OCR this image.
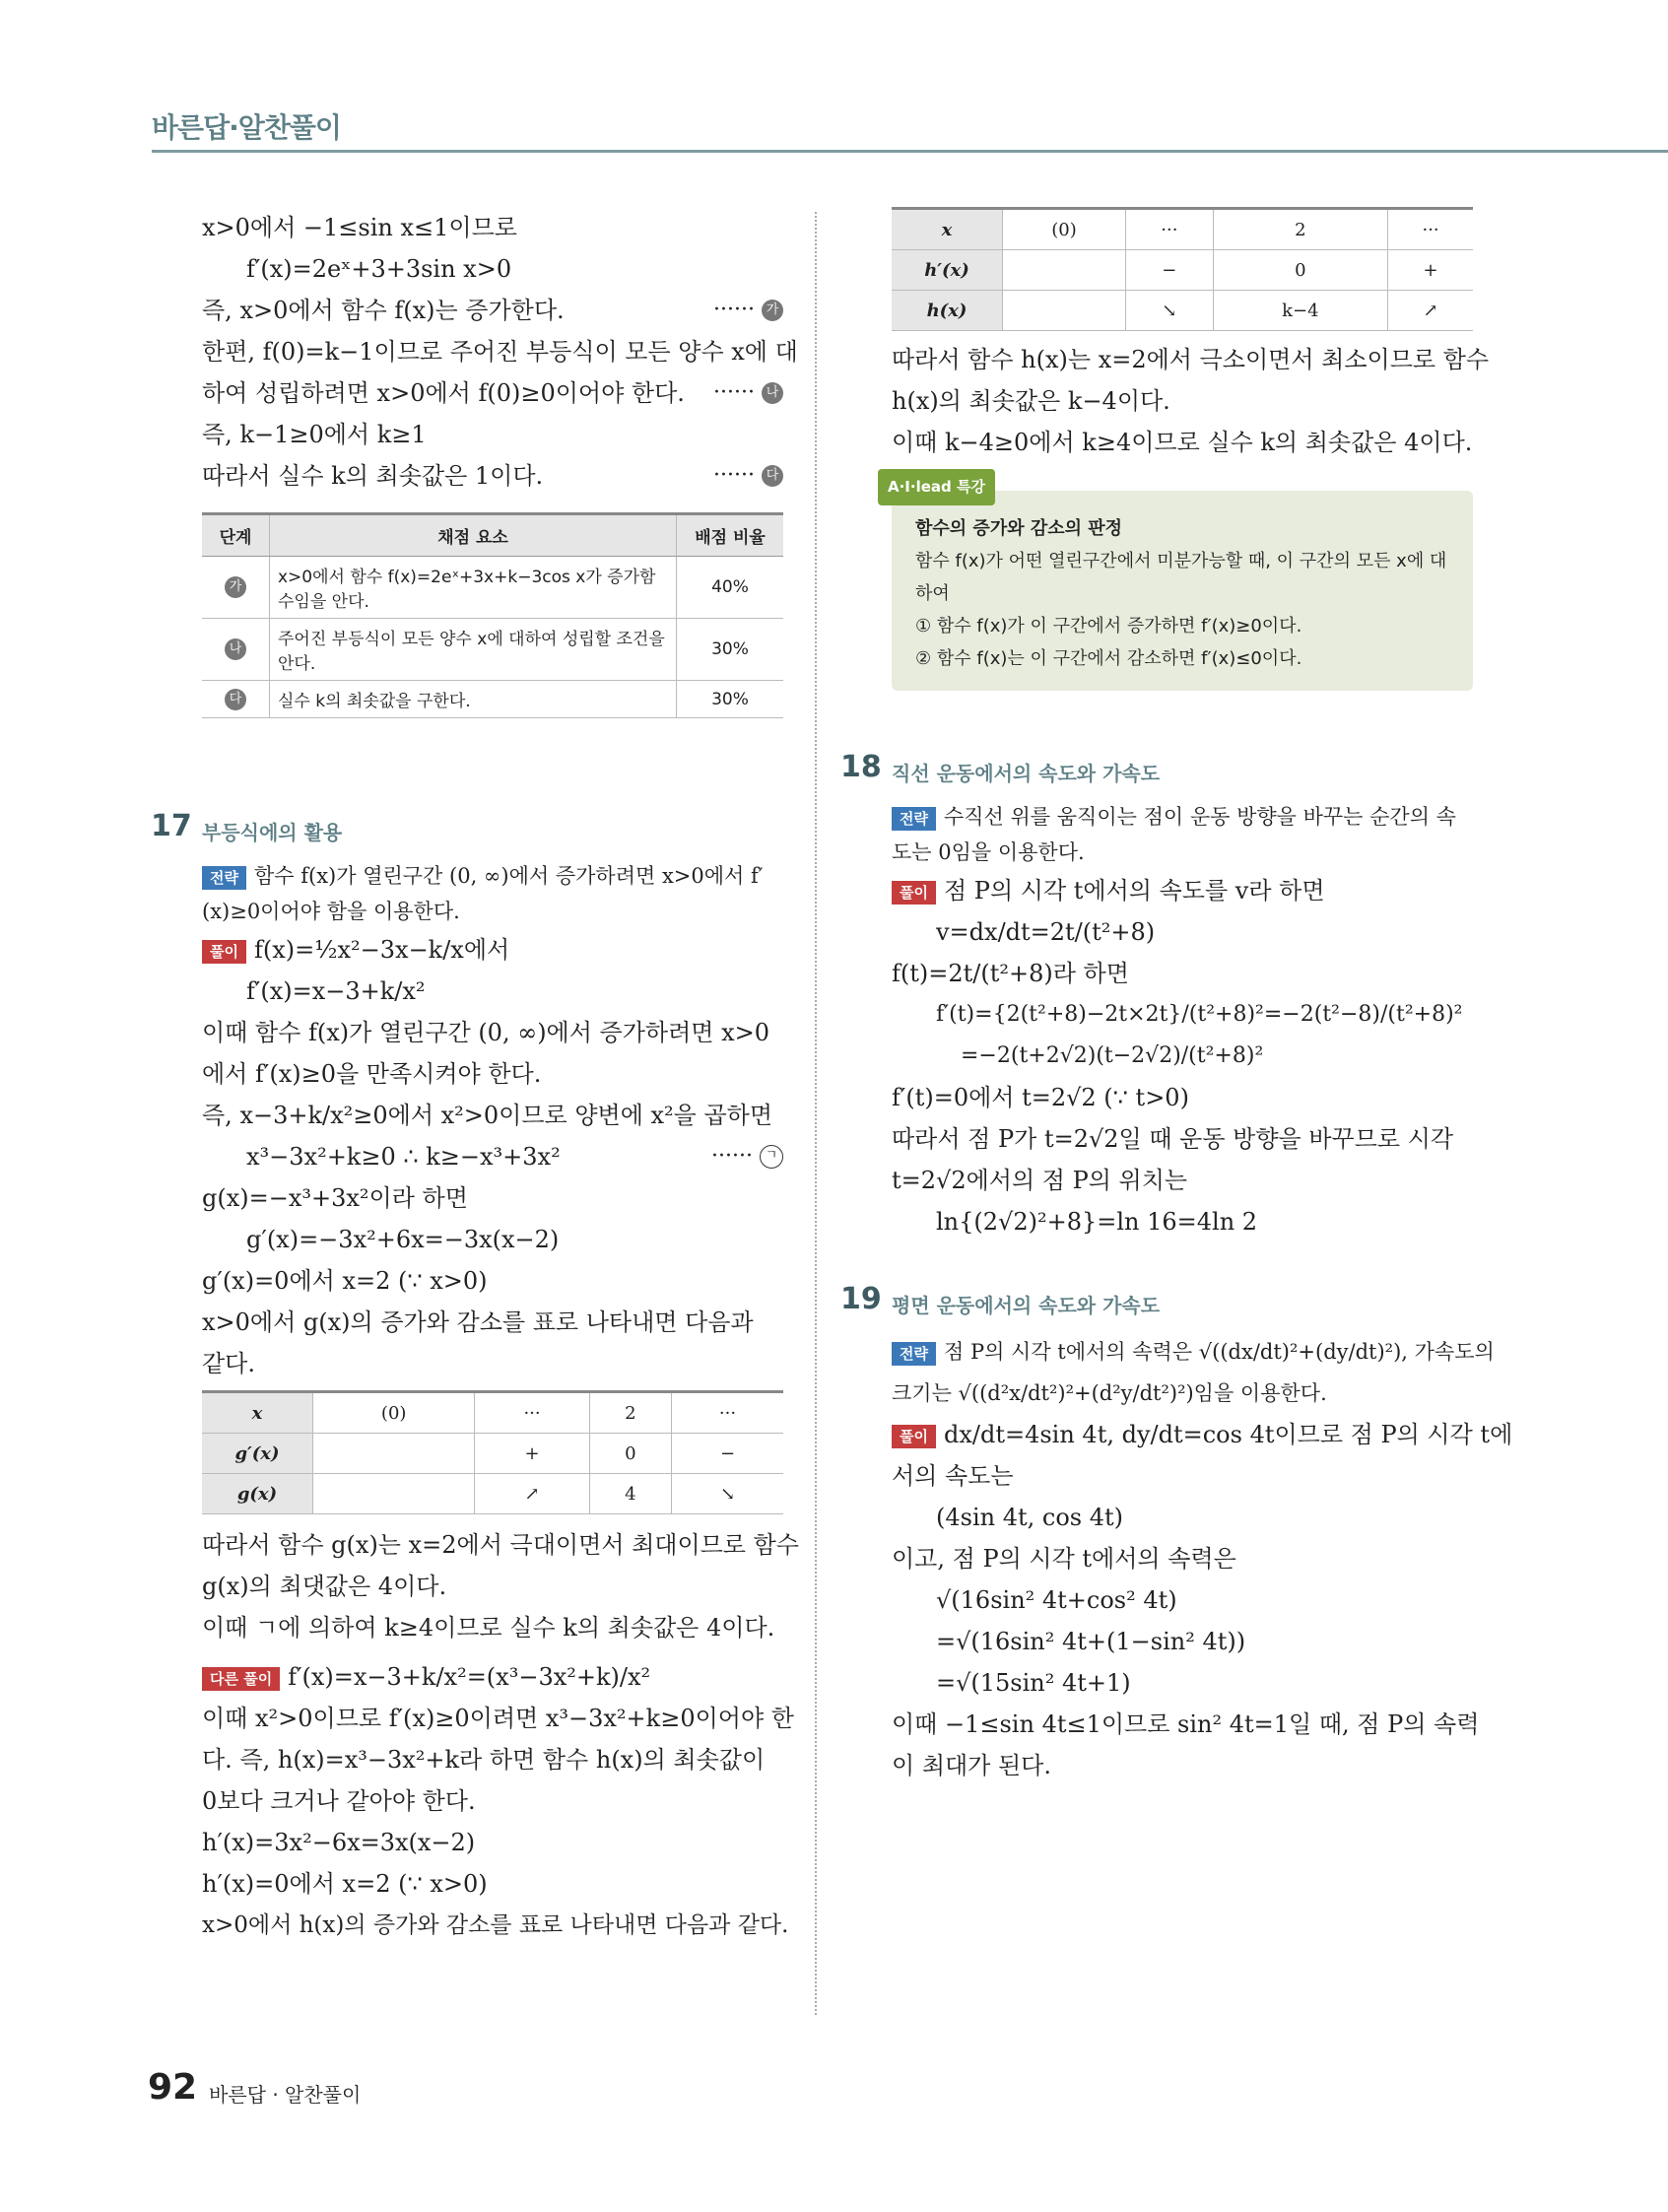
바른답·알찬풀이
x>0에서 −1≤sin x≤1이므로
f′(x)=2eˣ+3+3sin x>0
즉, x>0에서 함수 f(x)는 증가한다.	······ 가
한편, f(0)=k−1이므로 주어진 부등식이 모든 양수 x에 대
하여 성립하려면 x>0에서 f(0)≥0이어야 한다. ······ 나
즉, k−1≥0에서 k≥1
따라서 실수 k의 최솟값은 1이다.	······ 다
단계	채점 요소	배점 비율
가	x>0에서 함수 f(x)=2eˣ+3x+k−3cos x가 증가함수임을 안다.	40%
나	주어진 부등식이 모든 양수 x에 대하여 성립할 조건을 안다.	30%
다	실수 k의 최솟값을 구한다.	30%
17 부등식에의 활용
전략 함수 f(x)가 열린구간 (0, ∞)에서 증가하려면 x>0에서 f′(x)≥0이어야 함을 이용한다.
풀이 f(x)=½x²−3x−k/x에서
f′(x)=x−3+k/x²
이때 함수 f(x)가 열린구간 (0, ∞)에서 증가하려면 x>0
에서 f′(x)≥0을 만족시켜야 한다.
즉, x−3+k/x²≥0에서 x²>0이므로 양변에 x²을 곱하면
x³−3x²+k≥0 ∴ k≥−x³+3x²	······ ㄱ
g(x)=−x³+3x²이라 하면
g′(x)=−3x²+6x=−3x(x−2)
g′(x)=0에서 x=2 (∵ x>0)
x>0에서 g(x)의 증가와 감소를 표로 나타내면 다음과
같다.
x	(0)	···	2	···
g′(x)		+	0	−
g(x)		↗	4	↘
따라서 함수 g(x)는 x=2에서 극대이면서 최대이므로 함수
g(x)의 최댓값은 4이다.
이때 ㄱ에 의하여 k≥4이므로 실수 k의 최솟값은 4이다.
다른 풀이 f′(x)=x−3+k/x²=(x³−3x²+k)/x²
이때 x²>0이므로 f′(x)≥0이려면 x³−3x²+k≥0이어야 한
다. 즉, h(x)=x³−3x²+k라 하면 함수 h(x)의 최솟값이
0보다 크거나 같아야 한다.
h′(x)=3x²−6x=3x(x−2)
h′(x)=0에서 x=2 (∵ x>0)
x>0에서 h(x)의 증가와 감소를 표로 나타내면 다음과 같다.
x	(0)	···	2	···
h′(x)		−	0	+
h(x)		↘	k−4	↗
따라서 함수 h(x)는 x=2에서 극소이면서 최소이므로 함수
h(x)의 최솟값은 k−4이다.
이때 k−4≥0에서 k≥4이므로 실수 k의 최솟값은 4이다.
A·I·lead 특강
함수의 증가와 감소의 판정
함수 f(x)가 어떤 열린구간에서 미분가능할 때, 이 구간의 모든 x에 대
하여
① 함수 f(x)가 이 구간에서 증가하면 f′(x)≥0이다.
② 함수 f(x)는 이 구간에서 감소하면 f′(x)≤0이다.
18 직선 운동에서의 속도와 가속도
전략 수직선 위를 움직이는 점이 운동 방향을 바꾸는 순간의 속도는 0임을 이용한다.
풀이 점 P의 시각 t에서의 속도를 v라 하면
v=dx/dt=2t/(t²+8)
f(t)=2t/(t²+8)라 하면
f′(t)={2(t²+8)−2t×2t}/(t²+8)²=−2(t²−8)/(t²+8)²
=−2(t+2√2)(t−2√2)/(t²+8)²
f′(t)=0에서 t=2√2 (∵ t>0)
따라서 점 P가 t=2√2일 때 운동 방향을 바꾸므로 시각
t=2√2에서의 점 P의 위치는
ln{(2√2)²+8}=ln 16=4ln 2
19 평면 운동에서의 속도와 가속도
전략 점 P의 시각 t에서의 속력은 √((dx/dt)²+(dy/dt)²), 가속도의
크기는 √((d²x/dt²)²+(d²y/dt²)²)임을 이용한다.
풀이 dx/dt=4sin 4t, dy/dt=cos 4t이므로 점 P의 시각 t에
서의 속도는
(4sin 4t, cos 4t)
이고, 점 P의 시각 t에서의 속력은
√(16sin² 4t+cos² 4t)
=√(16sin² 4t+(1−sin² 4t))
=√(15sin² 4t+1)
이때 −1≤sin 4t≤1이므로 sin² 4t=1일 때, 점 P의 속력
이 최대가 된다.
92 바른답 · 알찬풀이
